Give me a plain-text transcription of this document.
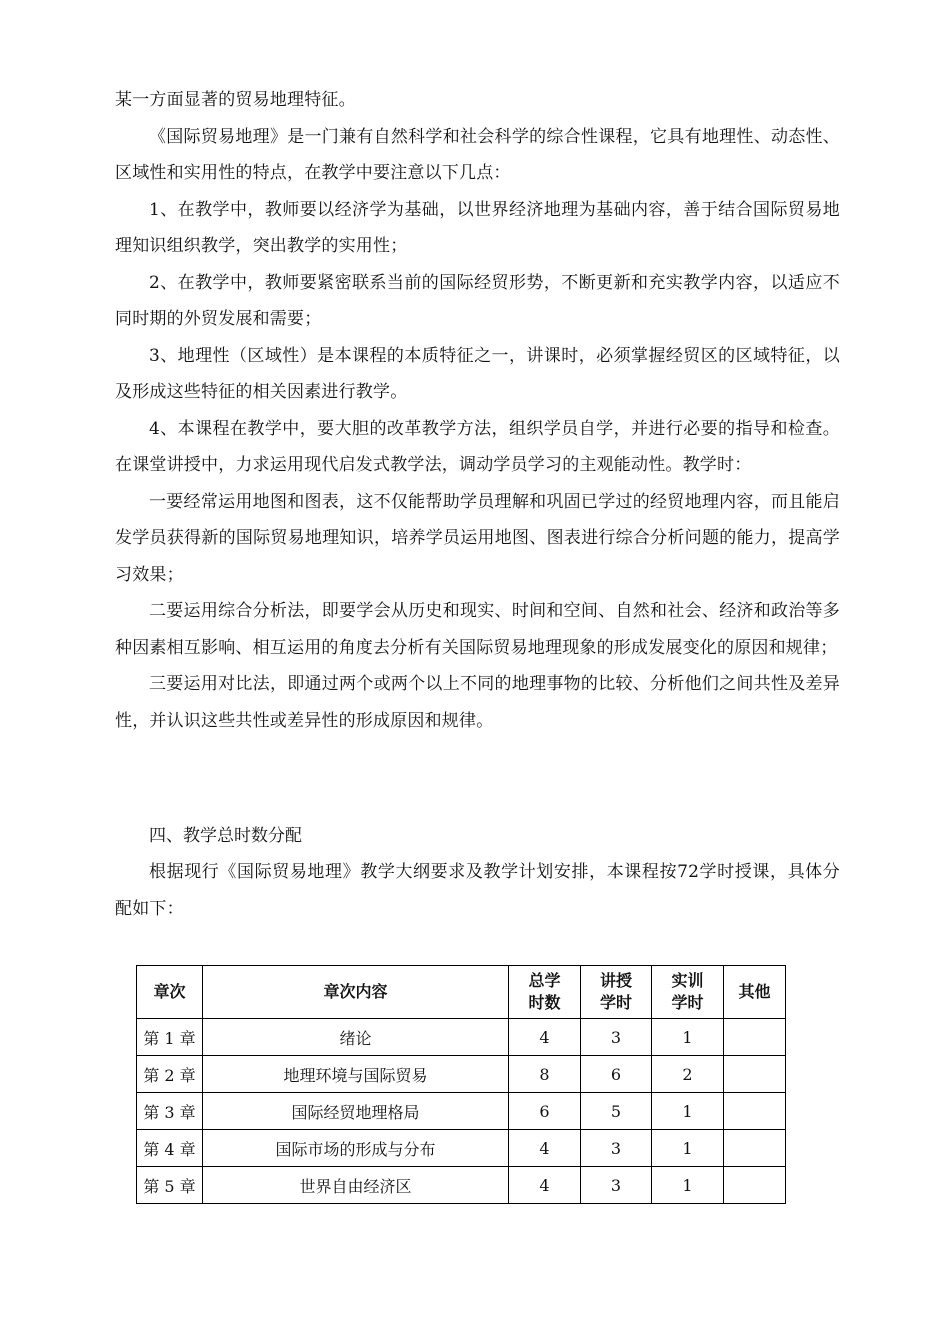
某一方面显著的贸易地理特征。

《国际贸易地理》是一门兼有自然科学和社会科学的综合性课程，它具有地理性、动态性、区域性和实用性的特点，在教学中要注意以下几点：

1、在教学中，教师要以经济学为基础，以世界经济地理为基础内容，善于结合国际贸易地理知识组织教学，突出教学的实用性；

2、在教学中，教师要紧密联系当前的国际经贸形势，不断更新和充实教学内容，以适应不同时期的外贸发展和需要；

3、地理性（区域性）是本课程的本质特征之一，讲课时，必须掌握经贸区的区域特征，以及形成这些特征的相关因素进行教学。

4、本课程在教学中，要大胆的改革教学方法，组织学员自学，并进行必要的指导和检查。在课堂讲授中，力求运用现代启发式教学法，调动学员学习的主观能动性。教学时：

一要经常运用地图和图表，这不仅能帮助学员理解和巩固已学过的经贸地理内容，而且能启发学员获得新的国际贸易地理知识，培养学员运用地图、图表进行综合分析问题的能力，提高学习效果；

二要运用综合分析法，即要学会从历史和现实、时间和空间、自然和社会、经济和政治等多种因素相互影响、相互运用的角度去分析有关国际贸易地理现象的形成发展变化的原因和规律；

三要运用对比法，即通过两个或两个以上不同的地理事物的比较、分析他们之间共性及差异性，并认识这些共性或差异性的形成原因和规律。

四、教学总时数分配

根据现行《国际贸易地理》教学大纲要求及教学计划安排，本课程按72学时授课，具体分配如下：

章次	章次内容	总学时数	讲授学时	实训学时	其他
第 1 章	绪论	4	3	1	
第 2 章	地理环境与国际贸易	8	6	2	
第 3 章	国际经贸地理格局	6	5	1	
第 4 章	国际市场的形成与分布	4	3	1	
第 5 章	世界自由经济区	4	3	1	
